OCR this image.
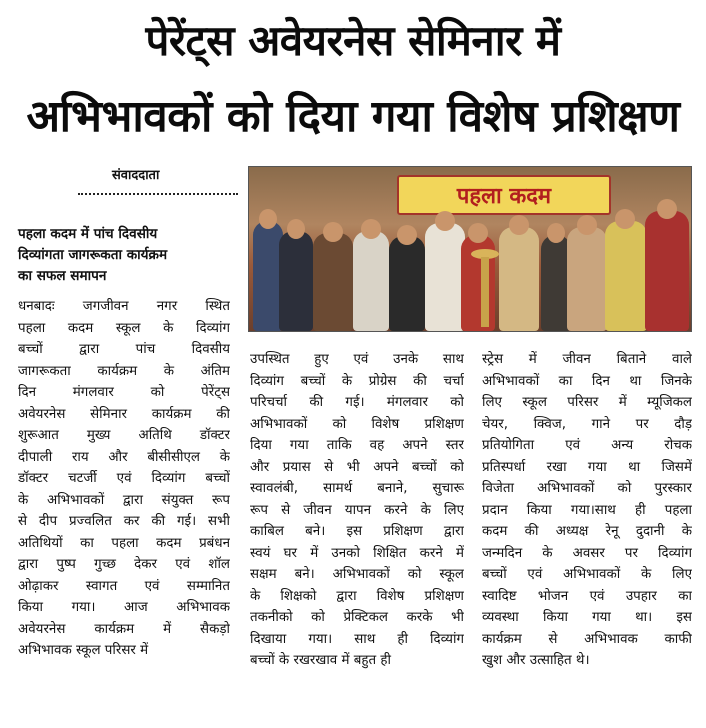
पेरेंट्स अवेयरनेस सेमिनार में
अभिभावकों को दिया गया विशेष प्रशिक्षण
संवाददाता
पहला कदम में पांच दिवसीय
दिव्यांगता जागरूकता कार्यक्रम
का सफल समापन
पहला कदम

धनबादः जगजीवन नगर स्थित

पहला कदम स्कूल के दिव्यांग

बच्चों द्वारा पांच दिवसीय

जागरूकता कार्यक्रम के अंतिम

दिन मंगलवार को पेरेंट्स

अवेयरनेस सेमिनार कार्यक्रम की

शुरूआत मुख्य अतिथि डॉक्टर

दीपाली राय और बीसीसीएल के

डॉक्टर चटर्जी एवं दिव्यांग बच्चों

के अभिभावकों द्वारा संयुक्त रूप

से दीप प्रज्वलित कर की गई। सभी

अतिथियों का पहला कदम प्रबंधन

द्वारा पुष्प गुच्छ देकर एवं शॉल

ओढ़ाकर स्वागत एवं सम्मानित

किया गया। आज अभिभावक

अवेयरनेस कार्यक्रम में सैकड़ो

अभिभावक स्कूल परिसर में

उपस्थित हुए एवं उनके साथ

दिव्यांग बच्चों के प्रोग्रेस की चर्चा

परिचर्चा की गई। मंगलवार को

अभिभावकों को विशेष प्रशिक्षण

दिया गया ताकि वह अपने स्तर

और प्रयास से भी अपने बच्चों को

स्वावलंबी, सामर्थ बनाने, सुचारू

रूप से जीवन यापन करने के लिए

काबिल बने। इस प्रशिक्षण द्वारा

स्वयं घर में उनको शिक्षित करने में

सक्षम बने। अभिभावकों को स्कूल

के शिक्षको द्वारा विशेष प्रशिक्षण

तकनीको को प्रेक्टिकल करके भी

दिखाया गया। साथ ही दिव्यांग

बच्चों के रखरखाव में बहुत ही

स्ट्रेस में जीवन बिताने वाले

अभिभावकों का दिन था जिनके

लिए स्कूल परिसर में म्यूजिकल

चेयर, क्विज, गाने पर दौड़

प्रतियोगिता एवं अन्य रोचक

प्रतिस्पर्धा रखा गया था जिसमें

विजेता अभिभावकों को पुरस्कार

प्रदान किया गया।साथ ही पहला

कदम की अध्यक्ष रेनू दुदानी के

जन्मदिन के अवसर पर दिव्यांग

बच्चों एवं अभिभावकों के लिए

स्वादिष्ट भोजन एवं उपहार का

व्यवस्था किया गया था। इस

कार्यक्रम से अभिभावक काफी

खुश और उत्साहित थे।
